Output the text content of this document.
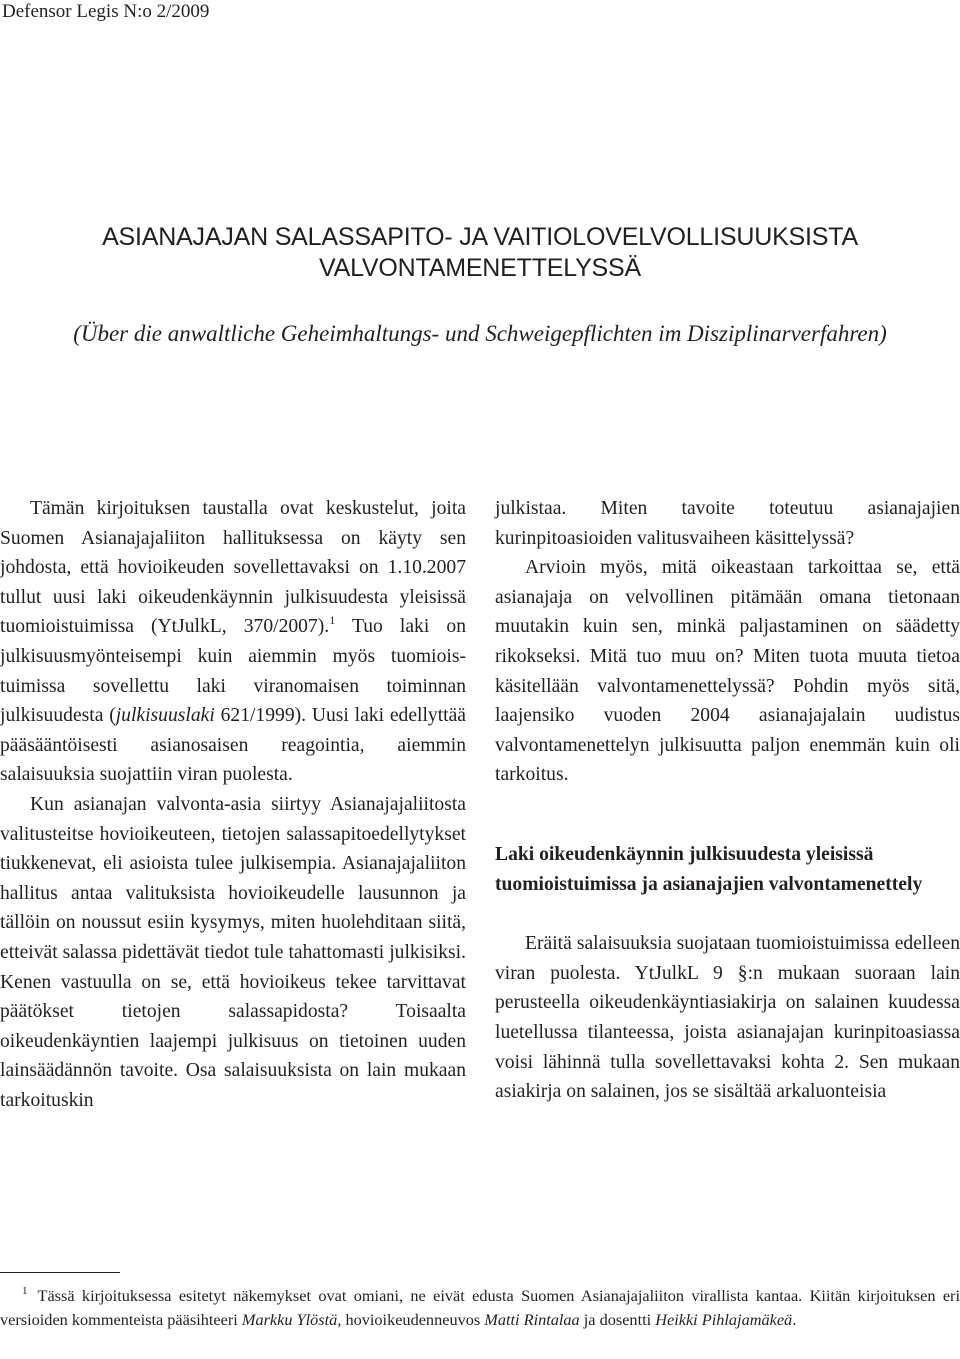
Defensor Legis N:o 2/2009
ASIANAJAJAN SALASSAPITO- JA VAITIOLOVELVOLLISUUKSISTA
VALVONTAMENETTELYSSÄ
(Über die anwaltliche Geheimhaltungs- und Schweigepflichten im Disziplinarverfahren)

Tämän kirjoituksen taustalla ovat keskustelut, joita Suomen Asianajajaliiton hallituksessa on käyty sen johdosta, että hovioikeuden sovellettavaksi on 1.10.2007 tullut uusi laki oikeudenkäynnin julkisuudesta yleisissä tuomioistuimissa (YtJulkL, 370/2007).$^1$ Tuo laki on julkisuusmyönteisempi kuin aiemmin myös tuomioistuimissa sovellettu laki viranomaisen toiminnan julkisuudesta (julkisuuslaki 621/1999). Uusi laki edellyttää pääsääntöisesti asianosaisen reagointia, aiemmin salaisuuksia suojattiin viran puolesta.

Kun asianajan valvonta-asia siirtyy Asianajajaliitosta valitusteitse hovioikeuteen, tietojen salassapitoedellytykset tiukkenevat, eli asioista tulee julkisempia. Asianajajaliiton hallitus antaa valituksista hovioikeudelle lausunnon ja tällöin on noussut esiin kysymys, miten huolehditaan siitä, etteivät salassa pidettävät tiedot tule tahattomasti julkisiksi. Kenen vastuulla on se, että hovioikeus tekee tarvittavat päätökset tietojen salassapidosta? Toisaalta oikeudenkäyntien laajempi julkisuus on tietoinen uuden lainsäädännön tavoite. Osa salaisuuksista on lain mukaan tarkoituskin

julkistaa. Miten tavoite toteutuu asianajajien kurinpitoasioiden valitusvaiheen käsittelyssä?

Arvioin myös, mitä oikeastaan tarkoittaa se, että asianajaja on velvollinen pitämään omana tietonaan muutakin kuin sen, minkä paljastaminen on säädetty rikokseksi. Mitä tuo muu on? Miten tuota muuta tietoa käsitellään valvontamenettelyssä? Pohdin myös sitä, laajensiko vuoden 2004 asianajajalain uudistus valvontamenettelyn julkisuutta paljon enemmän kuin oli tarkoitus.

Laki oikeudenkäynnin julkisuudesta yleisissä tuomioistuimissa ja asianajajien valvontamenettely

Eräitä salaisuuksia suojataan tuomioistuimissa edelleen viran puolesta. YtJulkL 9 §:n mukaan suoraan lain perusteella oikeudenkäyntiasiakirja on salainen kuudessa luetellussa tilanteessa, joista asianajajan kurinpitoasiassa voisi lähinnä tulla sovellettavaksi kohta 2. Sen mukaan asiakirja on salainen, jos se sisältää arkaluonteisia

$^1$ Tässä kirjoituksessa esitetyt näkemykset ovat omiani, ne eivät edusta Suomen Asianajajaliiton virallista kantaa. Kiitän kirjoituksen eri versioiden kommenteista pääsihteeri Markku Ylöstä, hovioikeudenneuvos Matti Rintalaa ja dosentti Heikki Pihlajamäkeä.
